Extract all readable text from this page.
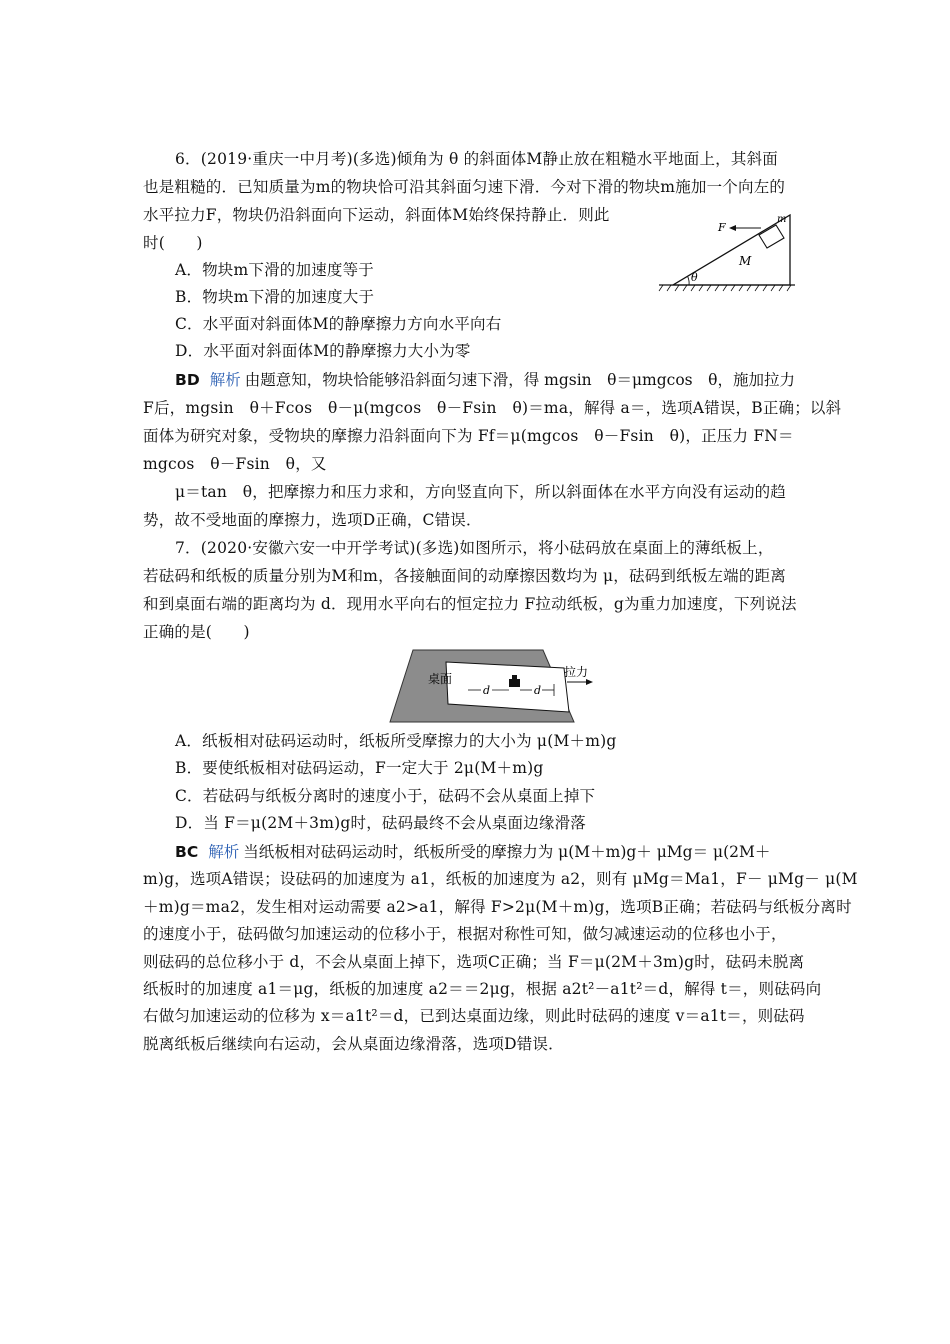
6．(2019·重庆一中月考)(多选)倾角为 θ 的斜面体M静止放在粗糙水平地面上，其斜面
也是粗糙的．已知质量为m的物块恰可沿其斜面匀速下滑．今对下滑的物块m施加一个向左的
水平拉力F，物块仍沿斜面向下运动，斜面体M始终保持静止．则此
时(　　)
θ
m
F
M
A．物块m下滑的加速度等于
B．物块m下滑的加速度大于
C．水平面对斜面体M的静摩擦力方向水平向右
D．水平面对斜面体M的静摩擦力大小为零
BD 解析 由题意知，物块恰能够沿斜面匀速下滑，得 mgsin　θ＝μmgcos　θ，施加拉力
F后，mgsin　θ＋Fcos　θ－μ(mgcos　θ－Fsin　θ)＝ma，解得 a＝，选项A错误，B正确；以斜
面体为研究对象，受物块的摩擦力沿斜面向下为 Ff＝μ(mgcos　θ－Fsin　θ)，正压力 FN＝
mgcos　θ－Fsin　θ，又
μ＝tan　θ，把摩擦力和压力求和，方向竖直向下，所以斜面体在水平方向没有运动的趋
势，故不受地面的摩擦力，选项D正确，C错误．
7．(2020·安徽六安一中开学考试)(多选)如图所示，将小砝码放在桌面上的薄纸板上，
若砝码和纸板的质量分别为M和m，各接触面间的动摩擦因数均为 μ，砝码到纸板左端的距离
和到桌面右端的距离均为 d．现用水平向右的恒定拉力 F拉动纸板，g为重力加速度，下列说法
正确的是(　　)
桌面
d	d
拉力
A．纸板相对砝码运动时，纸板所受摩擦力的大小为 μ(M＋m)g
B．要使纸板相对砝码运动，F一定大于 2μ(M＋m)g
C．若砝码与纸板分离时的速度小于，砝码不会从桌面上掉下
D．当 F＝μ(2M＋3m)g时，砝码最终不会从桌面边缘滑落
BC 解析 当纸板相对砝码运动时，纸板所受的摩擦力为 μ(M＋m)g＋ μMg＝ μ(2M＋
m)g，选项A错误；设砝码的加速度为 a1，纸板的加速度为 a2，则有 μMg＝Ma1，F－ μMg－ μ(M
＋m)g＝ma2，发生相对运动需要 a2>a1，解得 F>2μ(M＋m)g，选项B正确；若砝码与纸板分离时
的速度小于，砝码做匀加速运动的位移小于，根据对称性可知，做匀减速运动的位移也小于，
则砝码的总位移小于 d，不会从桌面上掉下，选项C正确；当 F＝μ(2M＋3m)g时，砝码未脱离
纸板时的加速度 a1＝μg，纸板的加速度 a2＝＝2μg，根据 a2t²－a1t²＝d，解得 t＝，则砝码向
右做匀加速运动的位移为 x＝a1t²＝d，已到达桌面边缘，则此时砝码的速度 v＝a1t＝，则砝码
脱离纸板后继续向右运动，会从桌面边缘滑落，选项D错误．
